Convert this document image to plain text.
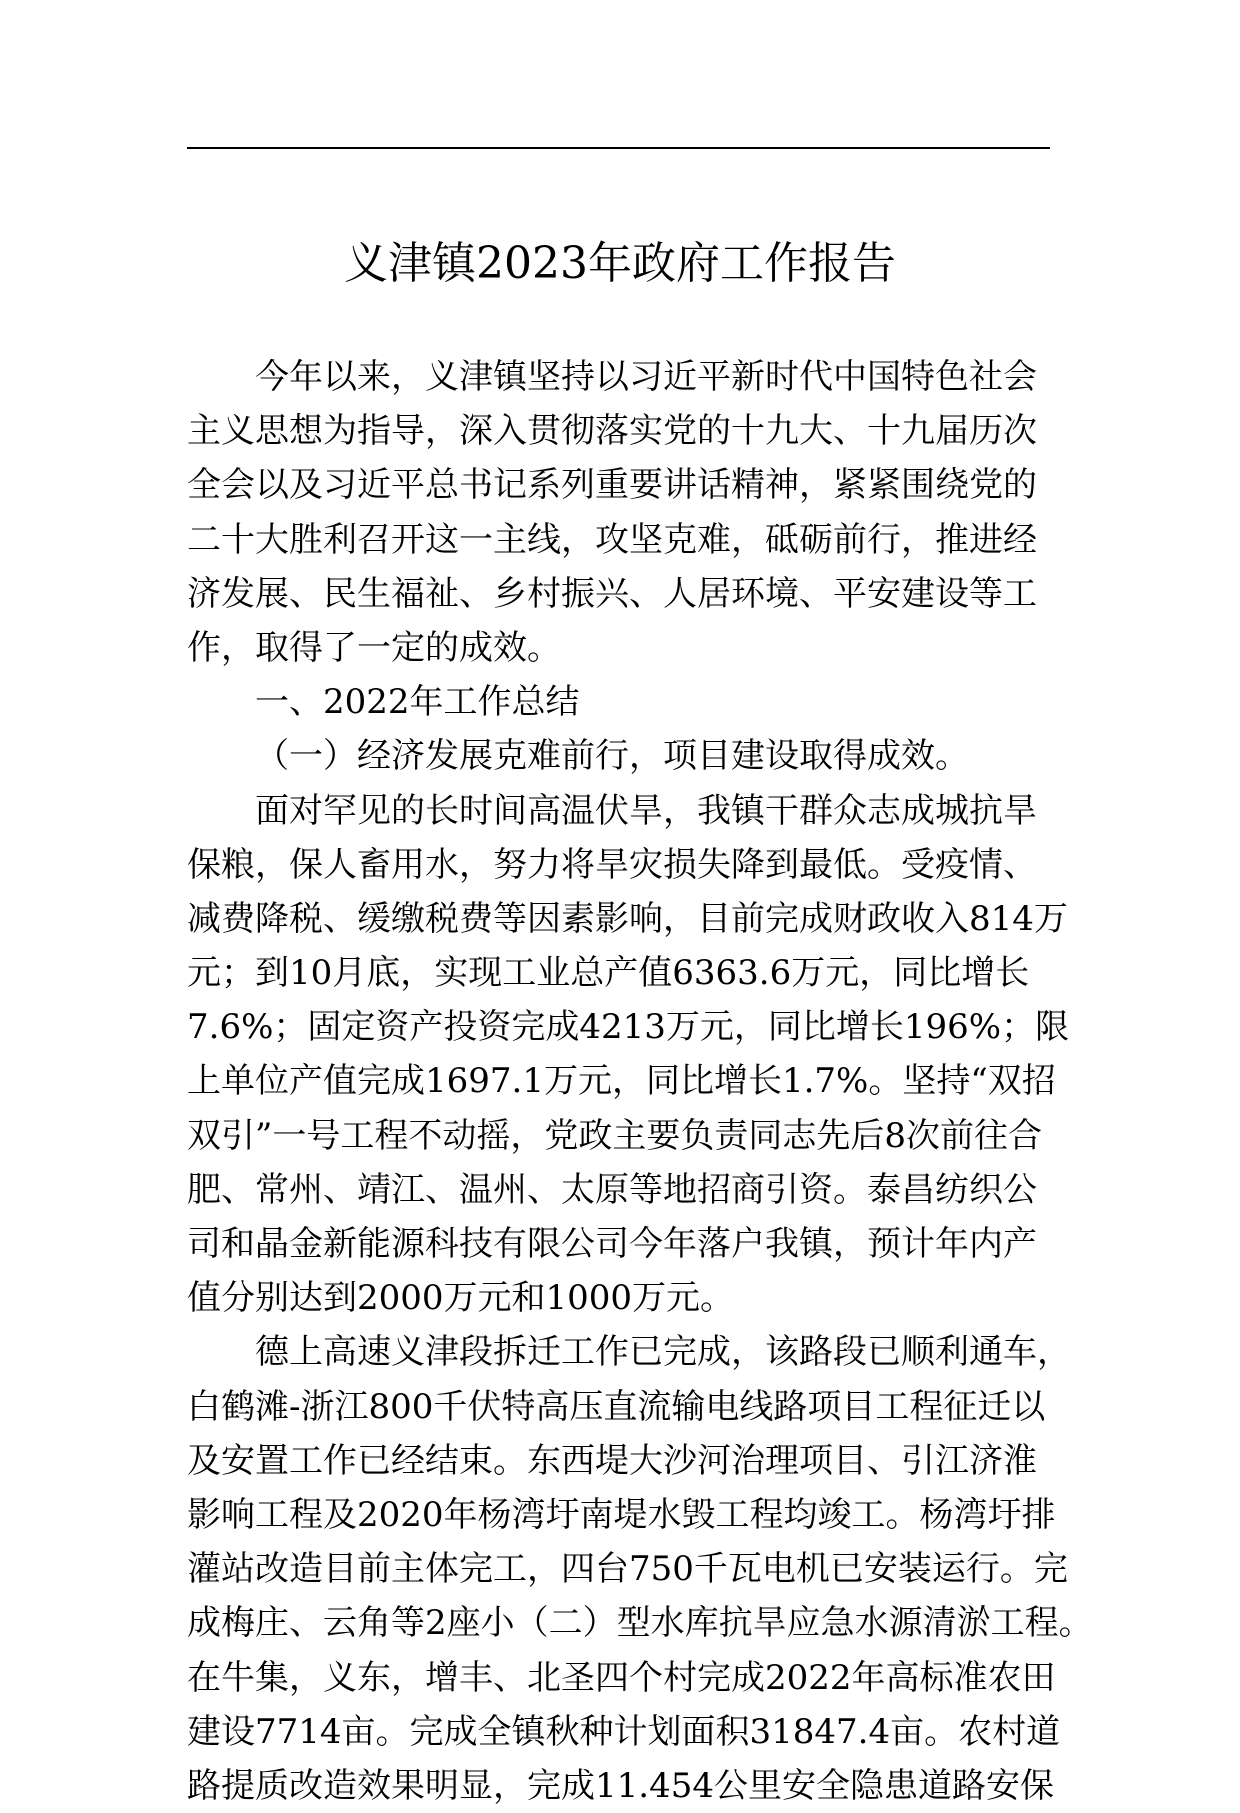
义津镇2023年政府工作报告
今年以来，义津镇坚持以习近平新时代中国特色社会
主义思想为指导，深入贯彻落实党的十九大、十九届历次
全会以及习近平总书记系列重要讲话精神，紧紧围绕党的
二十大胜利召开这一主线，攻坚克难，砥砺前行，推进经
济发展、民生福祉、乡村振兴、人居环境、平安建设等工
作，取得了一定的成效。
一、2022年工作总结
（一）经济发展克难前行，项目建设取得成效。
面对罕见的长时间高温伏旱，我镇干群众志成城抗旱
保粮，保人畜用水，努力将旱灾损失降到最低。受疫情、
减费降税、缓缴税费等因素影响，目前完成财政收入814万
元；到10月底，实现工业总产值6363.6万元，同比增长
7.6%；固定资产投资完成4213万元，同比增长196%；限
上单位产值完成1697.1万元，同比增长1.7%。坚持“双招
双引”一号工程不动摇，党政主要负责同志先后8次前往合
肥、常州、靖江、温州、太原等地招商引资。泰昌纺织公
司和晶金新能源科技有限公司今年落户我镇，预计年内产
值分别达到2000万元和1000万元。
德上高速义津段拆迁工作已完成，该路段已顺利通车，
白鹤滩-浙江800千伏特高压直流输电线路项目工程征迁以
及安置工作已经结束。东西堤大沙河治理项目、引江济淮
影响工程及2020年杨湾圩南堤水毁工程均竣工。杨湾圩排
灌站改造目前主体完工，四台750千瓦电机已安装运行。完
成梅庄、云角等2座小（二）型水库抗旱应急水源清淤工程。
在牛集，义东，增丰、北圣四个村完成2022年高标准农田
建设7714亩。完成全镇秋种计划面积31847.4亩。农村道
路提质改造效果明显，完成11.454公里安全隐患道路安保
